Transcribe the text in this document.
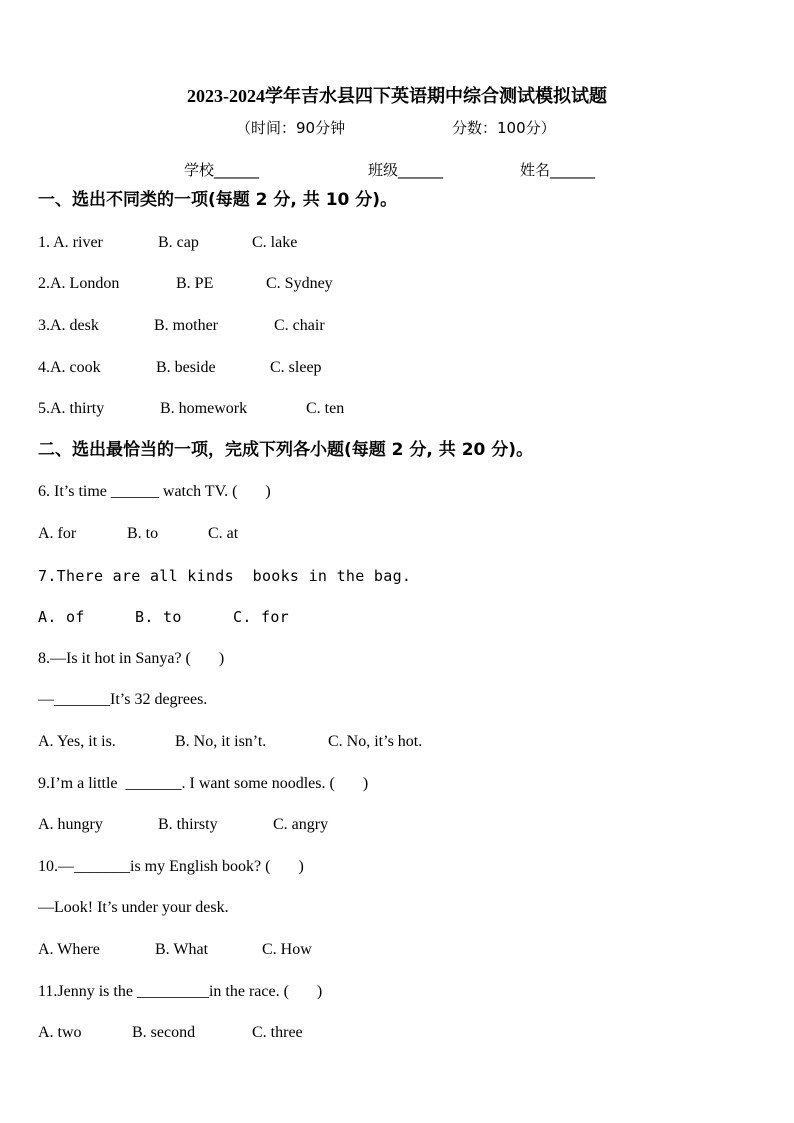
2023-2024学年吉水县四下英语期中综合测试模拟试题
（时间：90分钟	分数：100分）
学校______	班级______	姓名______
一、选出不同类的一项(每题 2 分, 共 10 分)。

1. A. river

	B. cap

	C. lake

2.A. London

	B. PE

	C. Sydney

3.A. desk

	B. mother

	C. chair

4.A. cook

	B. beside

	C. sleep

5.A. thirty

	B. homework

	C. ten

二、选出最恰当的一项，完成下列各小题(每题 2 分, 共 20 分)。
6. It’s time ______ watch TV. (       )

A. for

	B. to

	C. at

7.There are all kinds  books in the bag.

A. of

	B. to

	C. for

8.—Is it hot in Sanya? (       )
—_______It’s 32 degrees.

A. Yes, it is.

	B. No, it isn’t.

	C. No, it’s hot.

9.I’m a little  _______. I want some noodles. (       )

A. hungry

	B. thirsty

	C. angry

10.—_______is my English book? (       )
—Look! It’s under your desk.

A. Where

	B. What

	C. How

11.Jenny is the _________in the race. (       )

A. two

	B. second

	C. three
